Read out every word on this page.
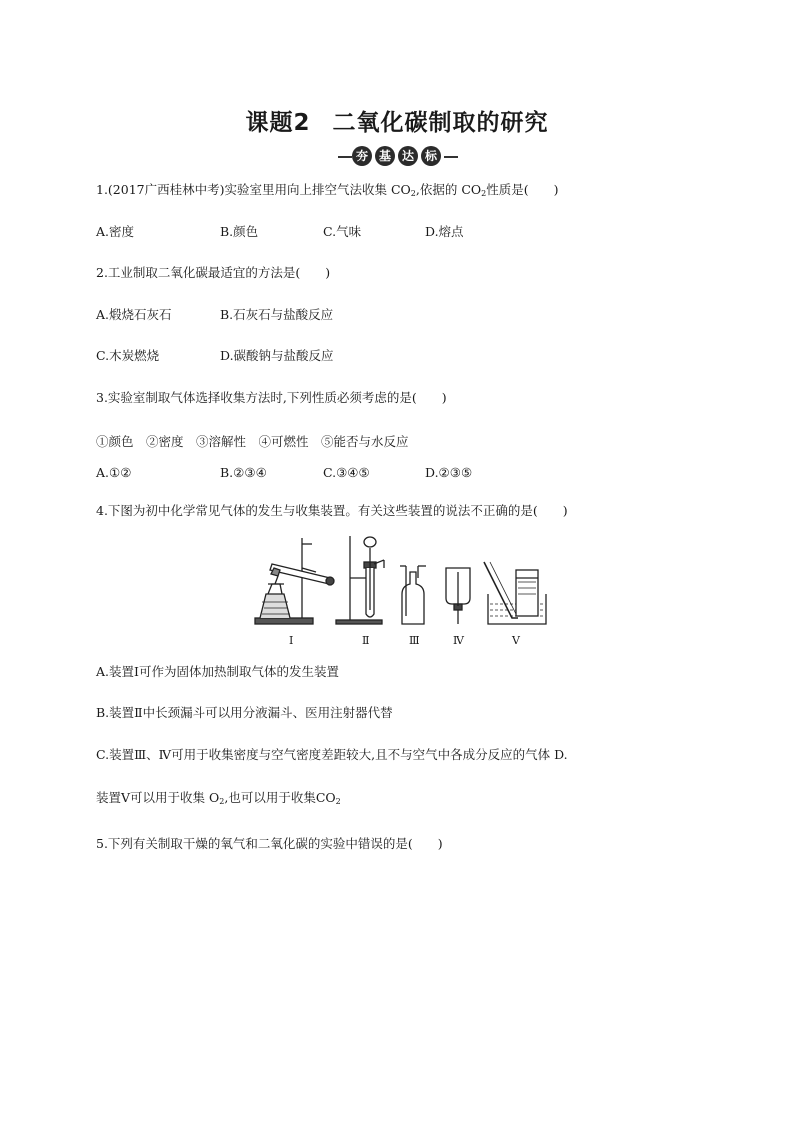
课题2 二氧化碳制取的研究
夯 基 达 标
1.(2017广西桂林中考)实验室里用向上排空气法收集 $CO_2$,依据的 $CO_2$性质是(　　)
A.密度	B.颜色	C.气味	D.熔点
2.工业制取二氧化碳最适宜的方法是(　　)
A.煅烧石灰石	B.石灰石与盐酸反应
C.木炭燃烧	D.碳酸钠与盐酸反应
3.实验室制取气体选择收集方法时,下列性质必须考虑的是(　　)
①颜色　②密度　③溶解性　④可燃性　⑤能否与水反应
A.①②	B.②③④	C.③④⑤	D.②③⑤
4.下图为初中化学常见气体的发生与收集装置。有关这些装置的说法不正确的是(　　)
Ⅰ	Ⅱ	Ⅲ	Ⅳ	Ⅴ
A.装置Ⅰ可作为固体加热制取气体的发生装置
B.装置Ⅱ中长颈漏斗可以用分液漏斗、医用注射器代替
C.装置Ⅲ、Ⅳ可用于收集密度与空气密度差距较大,且不与空气中各成分反应的气体 D.
装置Ⅴ可以用于收集 $O_2$,也可以用于收集$CO_2$
5.下列有关制取干燥的氧气和二氧化碳的实验中错误的是(　　)
